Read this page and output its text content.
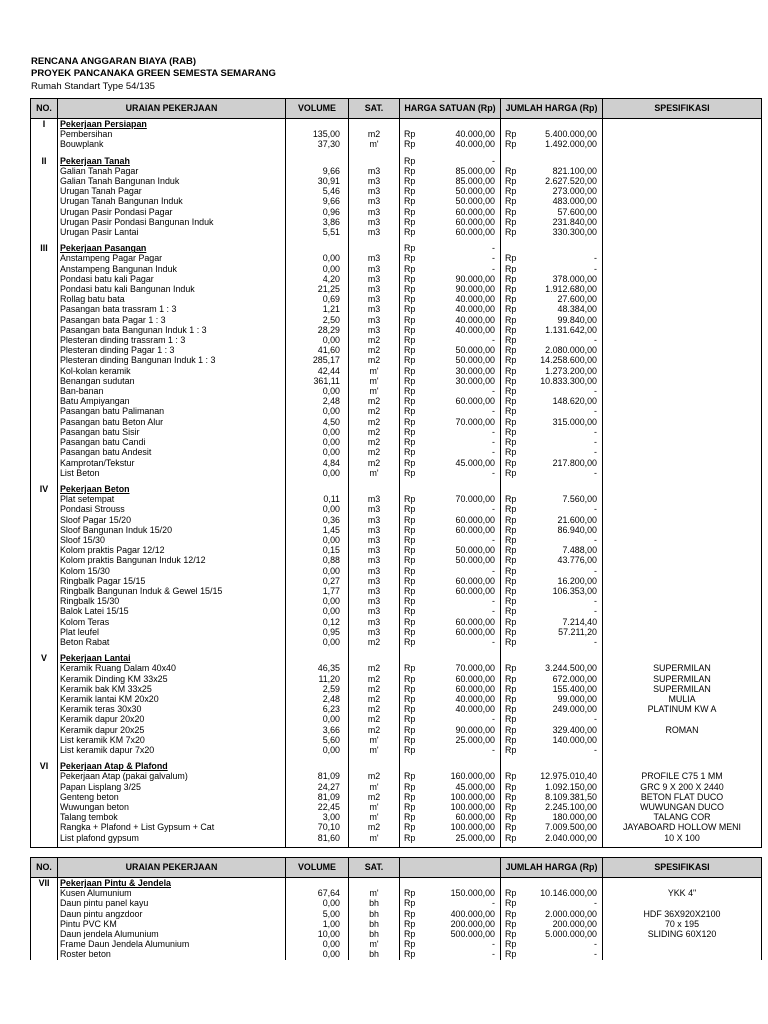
RENCANA ANGGARAN BIAYA (RAB)
PROYEK PANCANAKA GREEN SEMESTA SEMARANG
Rumah Standart Type 54/135
NO.	URAIAN PEKERJAAN	VOLUME	SAT.	HARGA SATUAN (Rp)	JUMLAH HARGA (Rp)	SPESIFIKASI
I	Pekerjaan Persiapan					
	Pembersihan	135,00	m2	Rp 40.000,00	Rp 5.400.000,00	

	Bouwplank	37,30	m'	Rp 40.000,00	Rp 1.492.000,00	

II	Pekerjaan Tanah			Rp -		

	Galian Tanah Pagar	9,66	m3	Rp 85.000,00	Rp 821.100,00	

	Galian Tanah Bangunan Induk	30,91	m3	Rp 85.000,00	Rp 2.627.520,00	

	Urugan Tanah Pagar	5,46	m3	Rp 50.000,00	Rp 273.000,00	

	Urugan Tanah Bangunan Induk	9,66	m3	Rp 50.000,00	Rp 483.000,00	

	Urugan Pasir Pondasi Pagar	0,96	m3	Rp 60.000,00	Rp 57.600,00	

	Urugan Pasir Pondasi Bangunan Induk	3,86	m3	Rp 60.000,00	Rp 231.840,00	

	Urugan Pasir Lantai	5,51	m3	Rp 60.000,00	Rp 330.300,00	

III	Pekerjaan Pasangan			Rp -		

	Anstampeng Pagar Pagar	0,00	m3	Rp -	Rp -	

	Anstampeng Bangunan Induk	0,00	m3	Rp -	Rp -	

	Pondasi batu kali Pagar	4,20	m3	Rp 90.000,00	Rp 378.000,00	

	Pondasi batu kali Bangunan Induk	21,25	m3	Rp 90.000,00	Rp 1.912.680,00	

	Rollag batu bata	0,69	m3	Rp 40.000,00	Rp 27.600,00	

	Pasangan bata trassram 1 : 3	1,21	m3	Rp 40.000,00	Rp 48.384,00	

	Pasangan bata Pagar 1 : 3	2,50	m3	Rp 40.000,00	Rp 99.840,00	

	Pasangan bata Bangunan Induk 1 : 3	28,29	m3	Rp 40.000,00	Rp 1.131.642,00	

	Plesteran dinding trassram 1 : 3	0,00	m2	Rp -	Rp -	

	Plesteran dinding Pagar 1 : 3	41,60	m2	Rp 50.000,00	Rp 2.080.000,00	

	Plesteran dinding Bangunan Induk 1 : 3	285,17	m2	Rp 50.000,00	Rp 14.258.600,00	

	Kol-kolan keramik	42,44	m'	Rp 30.000,00	Rp 1.273.200,00	

	Benangan sudutan	361,11	m'	Rp 30.000,00	Rp 10.833.300,00	

	Ban-banan	0,00	m'	Rp -	Rp -	

	Batu Ampiyangan	2,48	m2	Rp 60.000,00	Rp 148.620,00	

	Pasangan batu Palimanan	0,00	m2	Rp -	Rp -	

	Pasangan batu Beton Alur	4,50	m2	Rp 70.000,00	Rp 315.000,00	

	Pasangan batu Sisir	0,00	m2	Rp -	Rp -	

	Pasangan batu Candi	0,00	m2	Rp -	Rp -	

	Pasangan batu Andesit	0,00	m2	Rp -	Rp -	

	Kamprotan/Tekstur	4,84	m2	Rp 45.000,00	Rp 217.800,00	

	List Beton	0,00	m'	Rp -	Rp -	

IV	Pekerjaan Beton					
	Plat setempat	0,11	m3	Rp 70.000,00	Rp 7.560,00	

	Pondasi Strouss	0,00	m3	Rp -	Rp -	

	Sloof Pagar 15/20	0,36	m3	Rp 60.000,00	Rp 21.600,00	

	Sloof Bangunan Induk 15/20	1,45	m3	Rp 60.000,00	Rp 86.940,00	

	Sloof 15/30	0,00	m3	Rp -	Rp -	

	Kolom praktis Pagar 12/12	0,15	m3	Rp 50.000,00	Rp 7.488,00	

	Kolom praktis Bangunan Induk 12/12	0,88	m3	Rp 50.000,00	Rp 43.776,00	

	Kolom 15/30	0,00	m3	Rp -	Rp -	

	Ringbalk Pagar 15/15	0,27	m3	Rp 60.000,00	Rp 16.200,00	

	Ringbalk Bangunan Induk & Gewel 15/15	1,77	m3	Rp 60.000,00	Rp 106.353,00	

	Ringbalk 15/30	0,00	m3	Rp -	Rp -	

	Balok Latei 15/15	0,00	m3	Rp -	Rp -	

	Kolom Teras	0,12	m3	Rp 60.000,00	Rp 7.214,40	

	Plat leufel	0,95	m3	Rp 60.000,00	Rp 57.211,20	

	Beton Rabat	0,00	m2	Rp -	Rp -	

V	Pekerjaan Lantai					
	Keramik Ruang Dalam 40x40	46,35	m2	Rp 70.000,00	Rp 3.244.500,00	SUPERMILAN
	Keramik Dinding KM 33x25	11,20	m2	Rp 60.000,00	Rp 672.000,00	SUPERMILAN
	Keramik bak KM 33x25	2,59	m2	Rp 60.000,00	Rp 155.400,00	SUPERMILAN
	Keramik lantai KM 20x20	2,48	m2	Rp 40.000,00	Rp 99.000,00	MULIA
	Keramik teras 30x30	6,23	m2	Rp 40.000,00	Rp 249.000,00	PLATINUM KW A
	Keramik dapur 20x20	0,00	m2	Rp -	Rp -	

	Keramik dapur 20x25	3,66	m2	Rp 90.000,00	Rp 329.400,00	ROMAN
	List keramik KM 7x20	5,60	m'	Rp 25.000,00	Rp 140.000,00	

	List keramik dapur 7x20	0,00	m'	Rp -	Rp -	

VI	Pekerjaan Atap & Plafond					
	Pekerjaan Atap (pakai galvalum)	81,09	m2	Rp 160.000,00	Rp 12.975.010,40	PROFILE C75 1 MM
	Papan Lisplang 3/25	24,27	m'	Rp 45.000,00	Rp 1.092.150,00	GRC 9 X 200 X 2440
	Genteng beton	81,09	m2	Rp 100.000,00	Rp 8.109.381,50	BETON FLAT DUCO
	Wuwungan beton	22,45	m'	Rp 100.000,00	Rp 2.245.100,00	WUWUNGAN DUCO
	Talang tembok	3,00	m'	Rp 60.000,00	Rp 180.000,00	TALANG COR
	Rangka + Plafond + List Gypsum + Cat	70,10	m2	Rp 100.000,00	Rp 7.009.500,00	JAYABOARD HOLLOW MENI
	List plafond gypsum	81,60	m'	Rp 25.000,00	Rp 2.040.000,00	10 X 100

NO.	URAIAN PEKERJAAN	VOLUME	SAT.		JUMLAH HARGA (Rp)	SPESIFIKASI
VII	Pekerjaan Pintu & Jendela					
	Kusen Alumunium	67,64	m'	Rp 150.000,00	Rp 10.146.000,00	YKK 4"
	Daun pintu panel kayu	0,00	bh	Rp -	Rp -	

	Daun pintu angzdoor	5,00	bh	Rp 400.000,00	Rp 2.000.000,00	HDF 36X920X2100
	Pintu PVC KM	1,00	bh	Rp 200.000,00	Rp 200.000,00	70 x 195
	Daun jendela Alumunium	10,00	bh	Rp 500.000,00	Rp 5.000.000,00	SLIDING 60X120
	Frame Daun Jendela Alumunium	0,00	m'	Rp -	Rp -	

	Roster beton	0,00	bh	Rp -	Rp -	
